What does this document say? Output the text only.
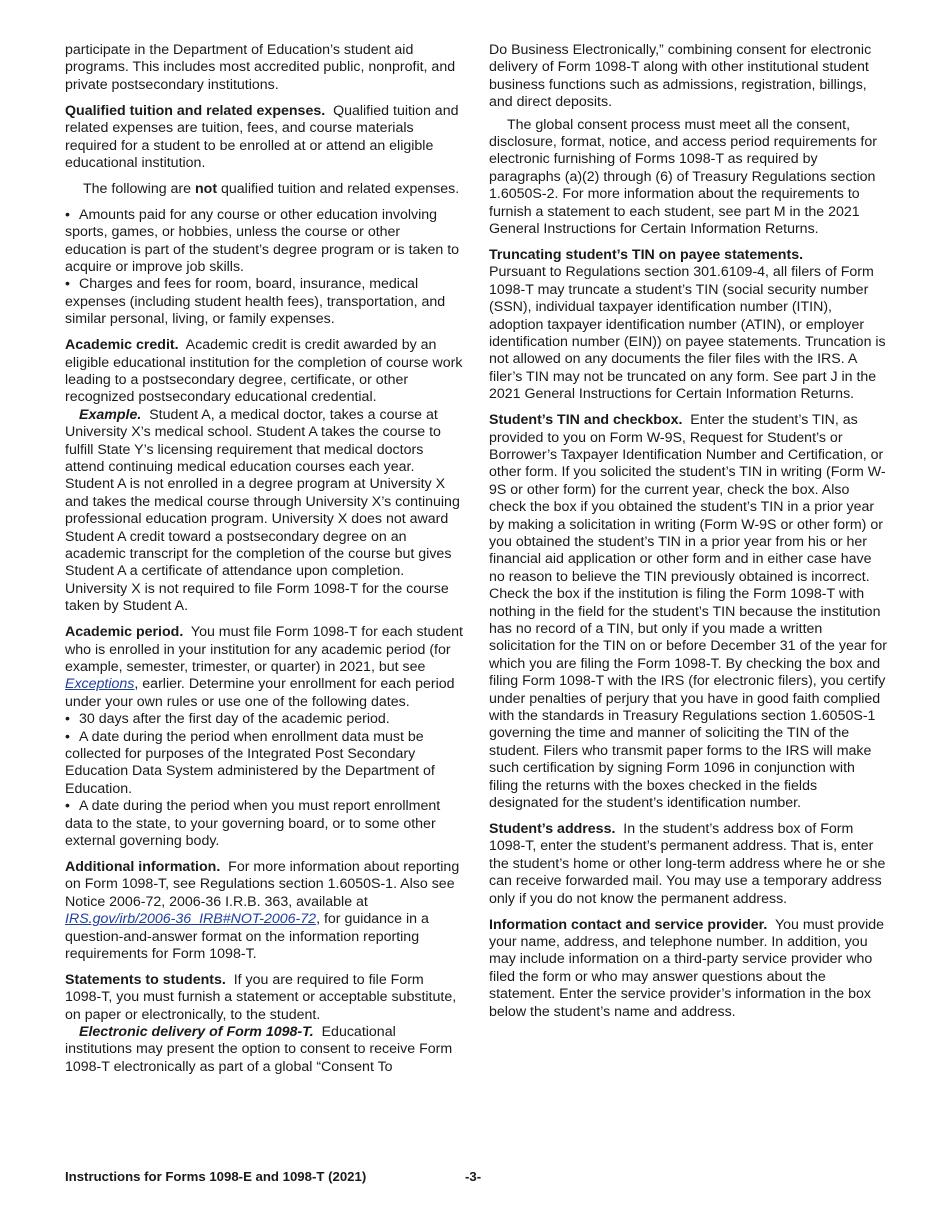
participate in the Department of Education’s student aid programs. This includes most accredited public, nonprofit, and private postsecondary institutions.

Qualified tuition and related expenses. Qualified tuition and related expenses are tuition, fees, and course materials required for a student to be enrolled at or attend an eligible educational institution.

The following are not qualified tuition and related expenses.

• Amounts paid for any course or other education involving sports, games, or hobbies, unless the course or other education is part of the student’s degree program or is taken to acquire or improve job skills.

• Charges and fees for room, board, insurance, medical expenses (including student health fees), transportation, and similar personal, living, or family expenses.

Academic credit. Academic credit is credit awarded by an eligible educational institution for the completion of course work leading to a postsecondary degree, certificate, or other recognized postsecondary educational credential.

Example. Student A, a medical doctor, takes a course at University X’s medical school. Student A takes the course to fulfill State Y’s licensing requirement that medical doctors attend continuing medical education courses each year. Student A is not enrolled in a degree program at University X and takes the medical course through University X’s continuing professional education program. University X does not award Student A credit toward a postsecondary degree on an academic transcript for the completion of the course but gives Student A a certificate of attendance upon completion. University X is not required to file Form 1098-T for the course taken by Student A.

Academic period. You must file Form 1098-T for each student who is enrolled in your institution for any academic period (for example, semester, trimester, or quarter) in 2021, but see Exceptions, earlier. Determine your enrollment for each period under your own rules or use one of the following dates.

• 30 days after the first day of the academic period.

• A date during the period when enrollment data must be collected for purposes of the Integrated Post Secondary Education Data System administered by the Department of Education.

• A date during the period when you must report enrollment data to the state, to your governing board, or to some other external governing body.

Additional information. For more information about reporting on Form 1098-T, see Regulations section 1.6050S-1. Also see Notice 2006-72, 2006-36 I.R.B. 363, available at IRS.gov/irb/2006-36_IRB#NOT-2006-72, for guidance in a question-and-answer format on the information reporting requirements for Form 1098-T.

Statements to students. If you are required to file Form 1098-T, you must furnish a statement or acceptable substitute, on paper or electronically, to the student.

Electronic delivery of Form 1098-T. Educational institutions may present the option to consent to receive Form 1098-T electronically as part of a global “Consent To

Do Business Electronically,” combining consent for electronic delivery of Form 1098-T along with other institutional student business functions such as admissions, registration, billings, and direct deposits.

The global consent process must meet all the consent, disclosure, format, notice, and access period requirements for electronic furnishing of Forms 1098-T as required by paragraphs (a)(2) through (6) of Treasury Regulations section 1.6050S-2. For more information about the requirements to furnish a statement to each student, see part M in the 2021 General Instructions for Certain Information Returns.

Truncating student’s TIN on payee statements.
Pursuant to Regulations section 301.6109-4, all filers of Form 1098-T may truncate a student’s TIN (social security number (SSN), individual taxpayer identification number (ITIN), adoption taxpayer identification number (ATIN), or employer identification number (EIN)) on payee statements. Truncation is not allowed on any documents the filer files with the IRS. A filer’s TIN may not be truncated on any form. See part J in the 2021 General Instructions for Certain Information Returns.

Student’s TIN and checkbox. Enter the student’s TIN, as provided to you on Form W-9S, Request for Student’s or Borrower’s Taxpayer Identification Number and Certification, or other form. If you solicited the student’s TIN in writing (Form W-9S or other form) for the current year, check the box. Also check the box if you obtained the student’s TIN in a prior year by making a solicitation in writing (Form W-9S or other form) or you obtained the student’s TIN in a prior year from his or her financial aid application or other form and in either case have no reason to believe the TIN previously obtained is incorrect. Check the box if the institution is filing the Form 1098-T with nothing in the field for the student’s TIN because the institution has no record of a TIN, but only if you made a written solicitation for the TIN on or before December 31 of the year for which you are filing the Form 1098-T. By checking the box and filing Form 1098-T with the IRS (for electronic filers), you certify under penalties of perjury that you have in good faith complied with the standards in Treasury Regulations section 1.6050S-1 governing the time and manner of soliciting the TIN of the student. Filers who transmit paper forms to the IRS will make such certification by signing Form 1096 in conjunction with filing the returns with the boxes checked in the fields designated for the student’s identification number.

Student’s address. In the student’s address box of Form 1098-T, enter the student’s permanent address. That is, enter the student’s home or other long-term address where he or she can receive forwarded mail. You may use a temporary address only if you do not know the permanent address.

Information contact and service provider. You must provide your name, address, and telephone number. In addition, you may include information on a third-party service provider who filed the form or who may answer questions about the statement. Enter the service provider’s information in the box below the student’s name and address.

Instructions for Forms 1098-E and 1098-T (2021)	-3-
